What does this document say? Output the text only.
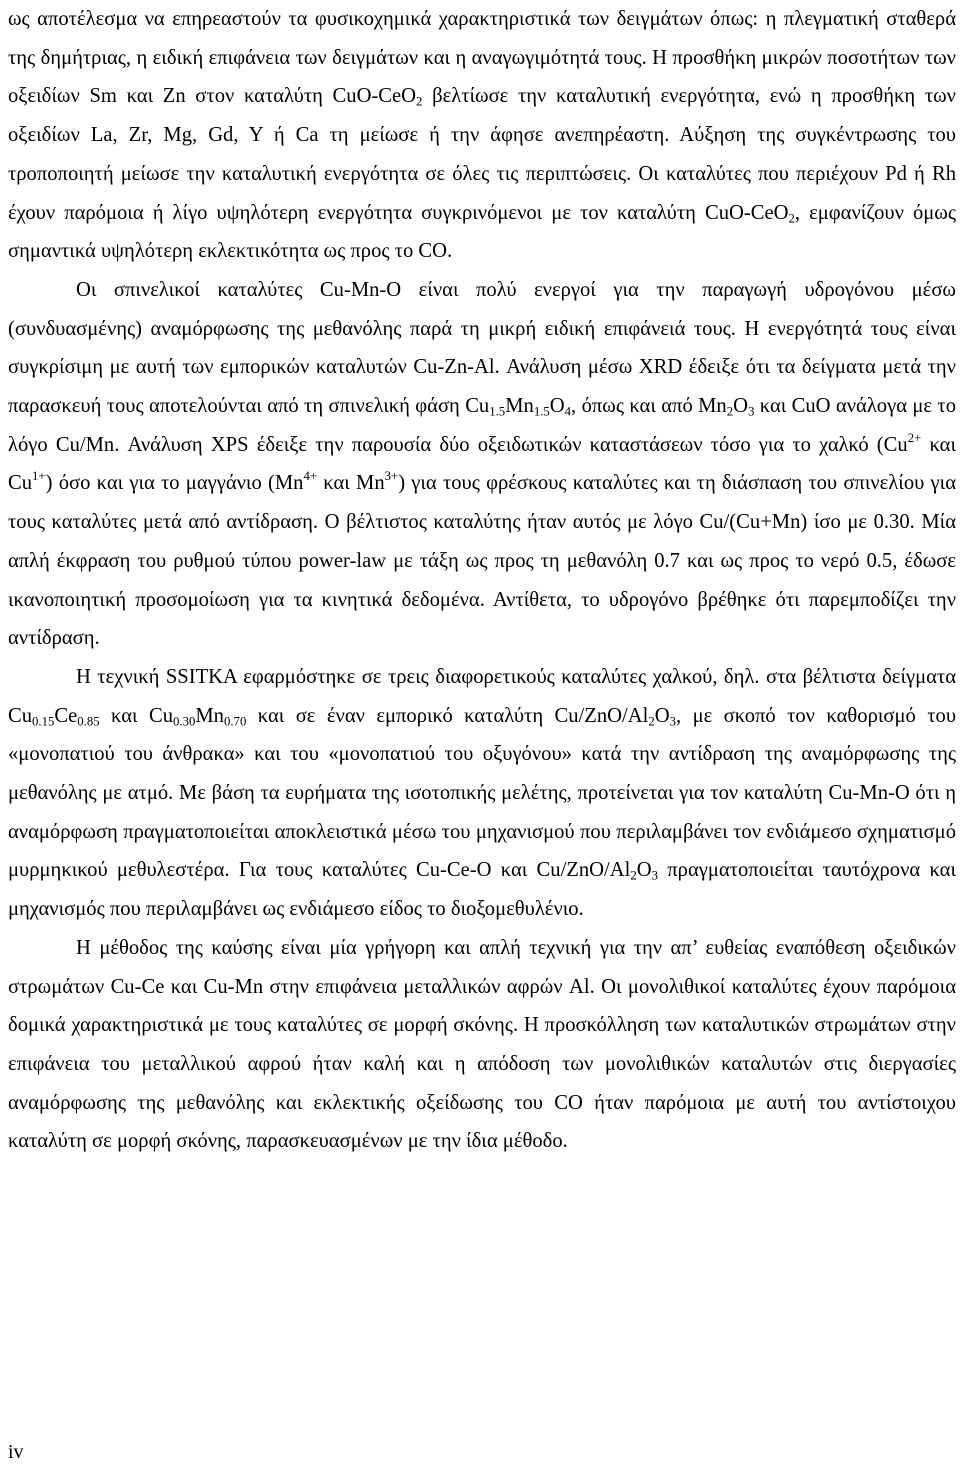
ως αποτέλεσμα να επηρεαστούν τα φυσικοχημικά χαρακτηριστικά των δειγμάτων όπως: η πλεγματική σταθερά της δημήτριας, η ειδική επιφάνεια των δειγμάτων και η αναγωγιμότητά τους. Η προσθήκη μικρών ποσοτήτων των οξειδίων Sm και Zn στον καταλύτη CuO-CeO2 βελτίωσε την καταλυτική ενεργότητα, ενώ η προσθήκη των οξειδίων La, Zr, Mg, Gd, Y ή Ca τη μείωσε ή την άφησε ανεπηρέαστη. Αύξηση της συγκέντρωσης του τροποποιητή μείωσε την καταλυτική ενεργότητα σε όλες τις περιπτώσεις. Οι καταλύτες που περιέχουν Pd ή Rh έχουν παρόμοια ή λίγο υψηλότερη ενεργότητα συγκρινόμενοι με τον καταλύτη CuO-CeO2, εμφανίζουν όμως σημαντικά υψηλότερη εκλεκτικότητα ως προς το CO.

Οι σπινελικοί καταλύτες Cu-Mn-O είναι πολύ ενεργοί για την παραγωγή υδρογόνου μέσω (συνδυασμένης) αναμόρφωσης της μεθανόλης παρά τη μικρή ειδική επιφάνειά τους. Η ενεργότητά τους είναι συγκρίσιμη με αυτή των εμπορικών καταλυτών Cu-Zn-Al. Ανάλυση μέσω XRD έδειξε ότι τα δείγματα μετά την παρασκευή τους αποτελούνται από τη σπινελική φάση Cu1.5Mn1.5O4, όπως και από Mn2O3 και CuO ανάλογα με το λόγο Cu/Mn. Ανάλυση XPS έδειξε την παρουσία δύο οξειδωτικών καταστάσεων τόσο για το χαλκό ($Cu^{2+}$ και $Cu^{1+}$) όσο και για το μαγγάνιο ($Mn^{4+}$ και $Mn^{3+}$) για τους φρέσκους καταλύτες και τη διάσπαση του σπινελίου για τους καταλύτες μετά από αντίδραση. Ο βέλτιστος καταλύτης ήταν αυτός με λόγο Cu/(Cu+Mn) ίσο με 0.30. Μία απλή έκφραση του ρυθμού τύπου power-law με τάξη ως προς τη μεθανόλη 0.7 και ως προς το νερό 0.5, έδωσε ικανοποιητική προσομοίωση για τα κινητικά δεδομένα. Αντίθετα, το υδρογόνο βρέθηκε ότι παρεμποδίζει την αντίδραση.

Η τεχνική SSITKA εφαρμόστηκε σε τρεις διαφορετικούς καταλύτες χαλκού, δηλ. στα βέλτιστα δείγματα Cu0.15Ce0.85 και Cu0.30Mn0.70 και σε έναν εμπορικό καταλύτη Cu/ZnO/Al2O3, με σκοπό τον καθορισμό του «μονοπατιού του άνθρακα» και του «μονοπατιού του οξυγόνου» κατά την αντίδραση της αναμόρφωσης της μεθανόλης με ατμό. Με βάση τα ευρήματα της ισοτοπικής μελέτης, προτείνεται για τον καταλύτη Cu-Mn-O ότι η αναμόρφωση πραγματοποιείται αποκλειστικά μέσω του μηχανισμού που περιλαμβάνει τον ενδιάμεσο σχηματισμό μυρμηκικού μεθυλεστέρα. Για τους καταλύτες Cu-Ce-O και Cu/ZnO/Al2O3 πραγματοποιείται ταυτόχρονα και μηχανισμός που περιλαμβάνει ως ενδιάμεσο είδος το διοξομεθυλένιο.

Η μέθοδος της καύσης είναι μία γρήγορη και απλή τεχνική για την απ’ ευθείας εναπόθεση οξειδικών στρωμάτων Cu-Ce και Cu-Mn στην επιφάνεια μεταλλικών αφρών Al. Οι μονολιθικοί καταλύτες έχουν παρόμοια δομικά χαρακτηριστικά με τους καταλύτες σε μορφή σκόνης. Η προσκόλληση των καταλυτικών στρωμάτων στην επιφάνεια του μεταλλικού αφρού ήταν καλή και η απόδοση των μονολιθικών καταλυτών στις διεργασίες αναμόρφωσης της μεθανόλης και εκλεκτικής οξείδωσης του CO ήταν παρόμοια με αυτή του αντίστοιχου καταλύτη σε μορφή σκόνης, παρασκευασμένων με την ίδια μέθοδο.

iv
